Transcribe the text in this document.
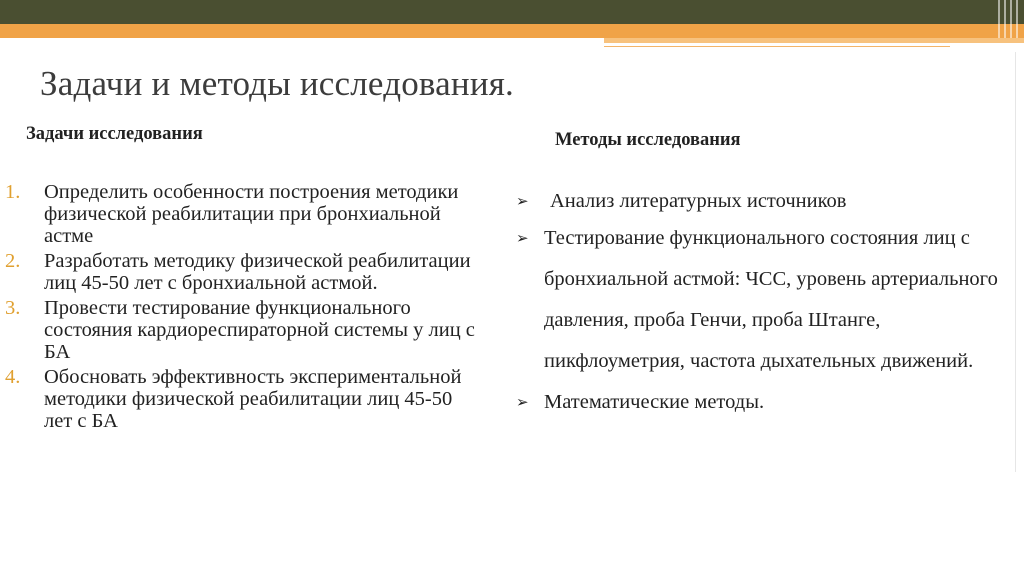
Задачи и методы исследования.
Задачи исследования	Методы исследования
1. Определить особенности построения методики физической реабилитации при бронхиальной астме
2. Разработать методику физической реабилитации лиц 45-50 лет с бронхиальной астмой.
3. Провести тестирование функционального состояния кардиореспираторной системы у лиц с БА
4. Обосновать эффективность экспериментальной методики физической реабилитации лиц 45-50 лет с БА
➢ Анализ литературных источников
➢ Тестирование функционального состояния лиц с бронхиальной астмой: ЧСС, уровень артериального давления, проба Генчи, проба Штанге, пикфлоуметрия, частота дыхательных движений.
➢ Математические методы.
